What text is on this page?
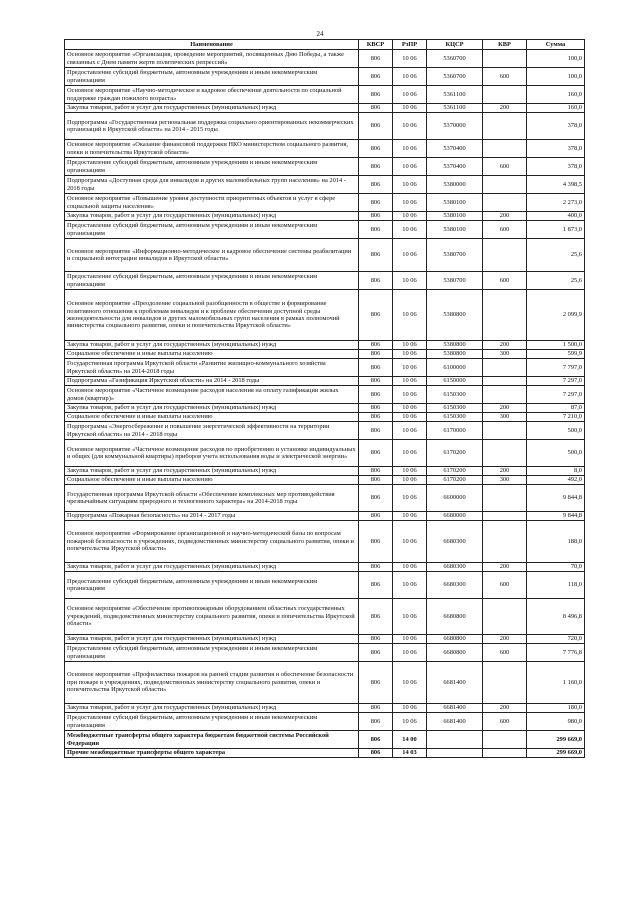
24
Наименование	КВСР	РзПР	КЦСР	КВР	Сумма
Основное мероприятие «Организация, проведение мероприятий, посвященных Дню Победы, а также связанных с Днем памяти жертв политических репрессий»	806	10 06	5360700		100,0
Предоставление субсидий бюджетным, автономным учреждениям и иным некоммерческим организациям	806	10 06	5360700	600	100,0
Основное мероприятие «Научно-методическое и кадровое обеспечение деятельности по социальной поддержке граждан пожилого возраста»	806	10 06	5361100		160,0
Закупка товаров, работ и услуг для государственных (муниципальных) нужд	806	10 06	5361100	200	160,0
Подпрограмма «Государственная региональная поддержка социально ориентированных некоммерческих организаций в Иркутской области» на 2014 - 2015 годы	806	10 06	5370000		378,0
Основное мероприятие «Оказание финансовой поддержки НКО министерством социального развития, опеки и попечительства Иркутской области»	806	10 06	5370400		378,0
Предоставление субсидий бюджетным, автономным учреждениям и иным некоммерческим организациям	806	10 06	5370400	600	378,0
Подпрограмма «Доступная среда для инвалидов и других маломобильных групп населения» на 2014 - 2018 годы	806	10 06	5380000		4 398,5
Основное мероприятие «Повышение уровня доступности приоритетных объектов и услуг в сфере социальной защиты населения»	806	10 06	5380100		2 273,0
Закупка товаров, работ и услуг для государственных (муниципальных) нужд	806	10 06	5380100	200	400,0
Предоставление субсидий бюджетным, автономным учреждениям и иным некоммерческим организациям	806	10 06	5380100	600	1 873,0
Основное мероприятие «Информационно-методическое и кадровое обеспечение системы реабилитации и социальной интеграции инвалидов в Иркутской области»	806	10 06	5380700		25,6
Предоставление субсидий бюджетным, автономным учреждениям и иным некоммерческим организациям	806	10 06	5380700	600	25,6
Основное мероприятие «Преодоление социальной разобщенности в обществе и формирование позитивного отношения к проблемам инвалидов и к проблеме обеспечения доступной среды жизнедеятельности для инвалидов и других маломобильных групп населения в рамках полномочий министерства социального развития, опеки и попечительства Иркутской области»	806	10 06	5380800		2 099,9
Закупка товаров, работ и услуг для государственных (муниципальных) нужд	806	10 06	5380800	200	1 500,0
Социальное обеспечение и иные выплаты населению	806	10 06	5380800	300	599,9
Государственная программа Иркутской области «Развитие жилищно-коммунального хозяйства Иркутской области» на 2014-2018 годы	806	10 06	6100000		7 797,0
Подпрограмма «Газификация Иркутской области» на 2014 - 2018 годы	806	10 06	6150000		7 297,0
Основное мероприятие «Частичное возмещение расходов населения на оплату газификации жилых домов (квартир)»	806	10 06	6150300		7 297,0
Закупка товаров, работ и услуг для государственных (муниципальных) нужд	806	10 06	6150300	200	87,0
Социальное обеспечение и иные выплаты населению	806	10 06	6150300	300	7 210,0
Подпрограмма «Энергосбережение и повышение энергетической эффективности на территории Иркутской области» на 2014 - 2018 годы	806	10 06	6170000		500,0
Основное мероприятие «Частичное возмещение расходов по приобретению и установке индивидуальных и общих (для коммунальной квартиры) приборов учета использования воды и электрической энергии»	806	10 06	6170200		500,0
Закупка товаров, работ и услуг для государственных (муниципальных) нужд	806	10 06	6170200	200	8,0
Социальное обеспечение и иные выплаты населению	806	10 06	6170200	300	492,0
Государственная программа Иркутской области «Обеспечение комплексных мер противодействия чрезвычайным ситуациям природного и техногенного характера» на 2014-2018 годы	806	10 06	6600000		9 844,8
Подпрограмма «Пожарная безопасность» на 2014 - 2017 годы	806	10 06	6680000		9 844,8
Основное мероприятие «Формирование организационной и научно-методической базы по вопросам пожарной безопасности в учреждениях, подведомственных министерству социального развития, опеки и попечительства Иркутской области»	806	10 06	6680300		188,0
Закупка товаров, работ и услуг для государственных (муниципальных) нужд	806	10 06	6680300	200	70,0
Предоставление субсидий бюджетным, автономным учреждениям и иным некоммерческим организациям	806	10 06	6680300	600	118,0
Основное мероприятие «Обеспечение противопожарным оборудованием областных государственных учреждений, подведомственных министерству социального развития, опеки и попечительства Иркутской области»	806	10 06	6680800		8 496,8
Закупка товаров, работ и услуг для государственных (муниципальных) нужд	806	10 06	6680800	200	720,0
Предоставление субсидий бюджетным, автономным учреждениям и иным некоммерческим организациям	806	10 06	6680800	600	7 776,8
Основное мероприятие «Профилактика пожаров на ранней стадии развития и обеспечение безопасности при пожаре в учреждениях, подведомственных министерству социального развития, опеки и попечительства Иркутской области»	806	10 06	6681400		1 160,0
Закупка товаров, работ и услуг для государственных (муниципальных) нужд	806	10 06	6681400	200	180,0
Предоставление субсидий бюджетным, автономным учреждениям и иным некоммерческим организациям	806	10 06	6681400	600	980,0
Межбюджетные трансферты общего характера бюджетам бюджетной системы Российской Федерации	806	14 00			299 669,0
Прочие межбюджетные трансферты общего характера	806	14 03			299 669,0
